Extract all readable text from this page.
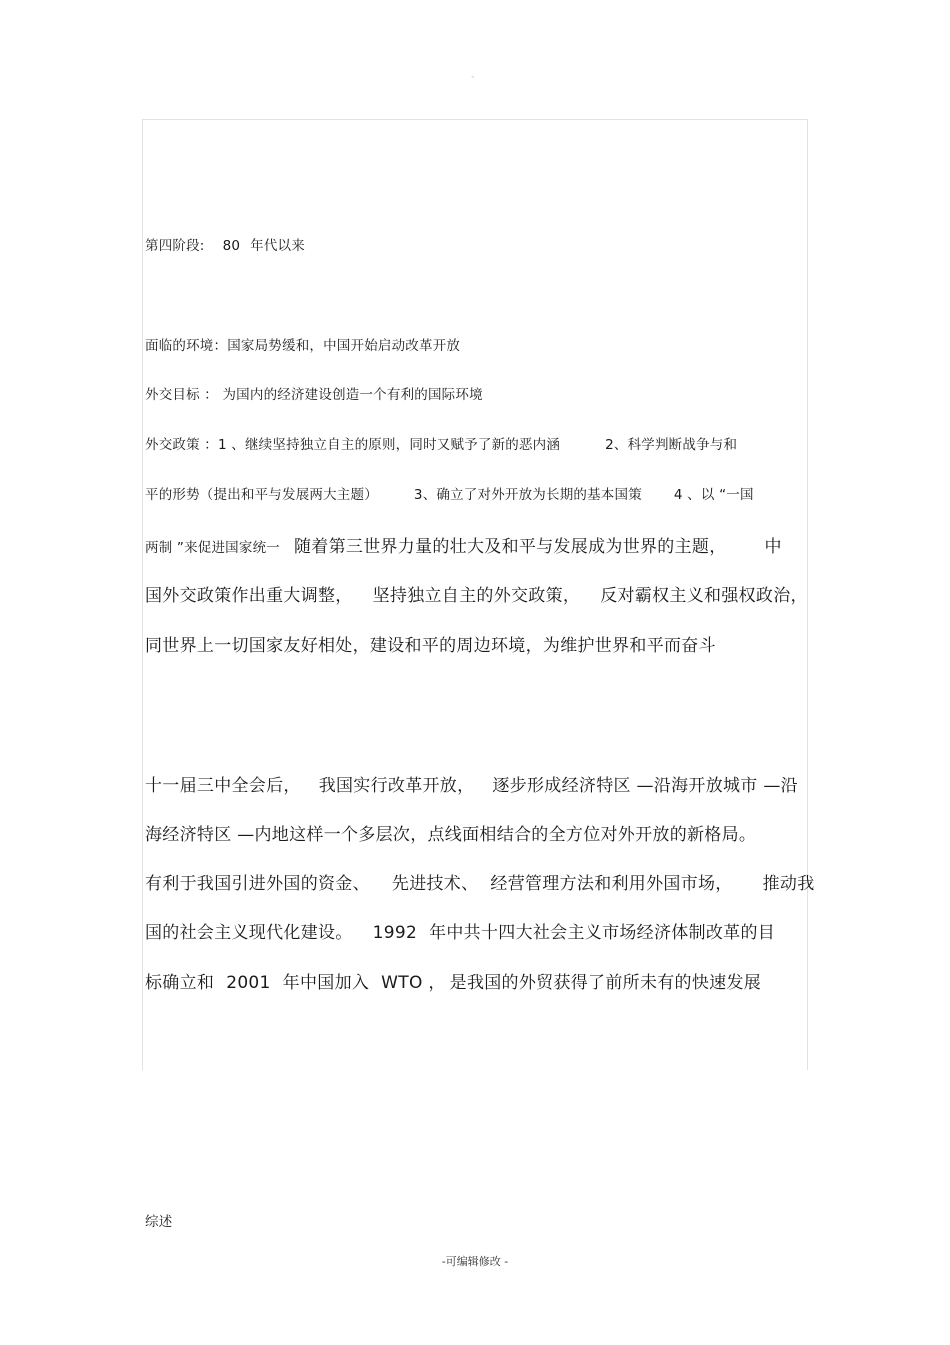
。
第四阶段: 80 年代以来
面临的环境：国家局势缓和，中国开始启动改革开放
外交目标 ： 为国内的经济建设创造一个有利的国际环境
外交政策 ：1 、继续坚持独立自主的原则，同时又赋予了新的恶内涵	2、科学判断战争与和
平的形势（提出和平与发展两大主题）	3、确立了对外开放为长期的基本国策 4 、以 “一国
两制 ”来促进国家统一 随着第三世界力量的壮大及和平与发展成为世界的主题， 中
国外交政策作出重大调整， 坚持独立自主的外交政策， 反对霸权主义和强权政治，
同世界上一切国家友好相处，建设和平的周边环境，为维护世界和平而奋斗
十一届三中全会后， 我国实行改革开放， 逐步形成经济特区 —沿海开放城市 —沿
海经济特区 —内地这样一个多层次，点线面相结合的全方位对外开放的新格局。
有利于我国引进外国的资金、 先进技术、 经营管理方法和利用外国市场， 推动我
国的社会主义现代化建设。 1992 年中共十四大社会主义市场经济体制改革的目
标确立和 2001 年中国加入 WTO ， 是我国的外贸获得了前所未有的快速发展
综述
-可编辑修改 -
